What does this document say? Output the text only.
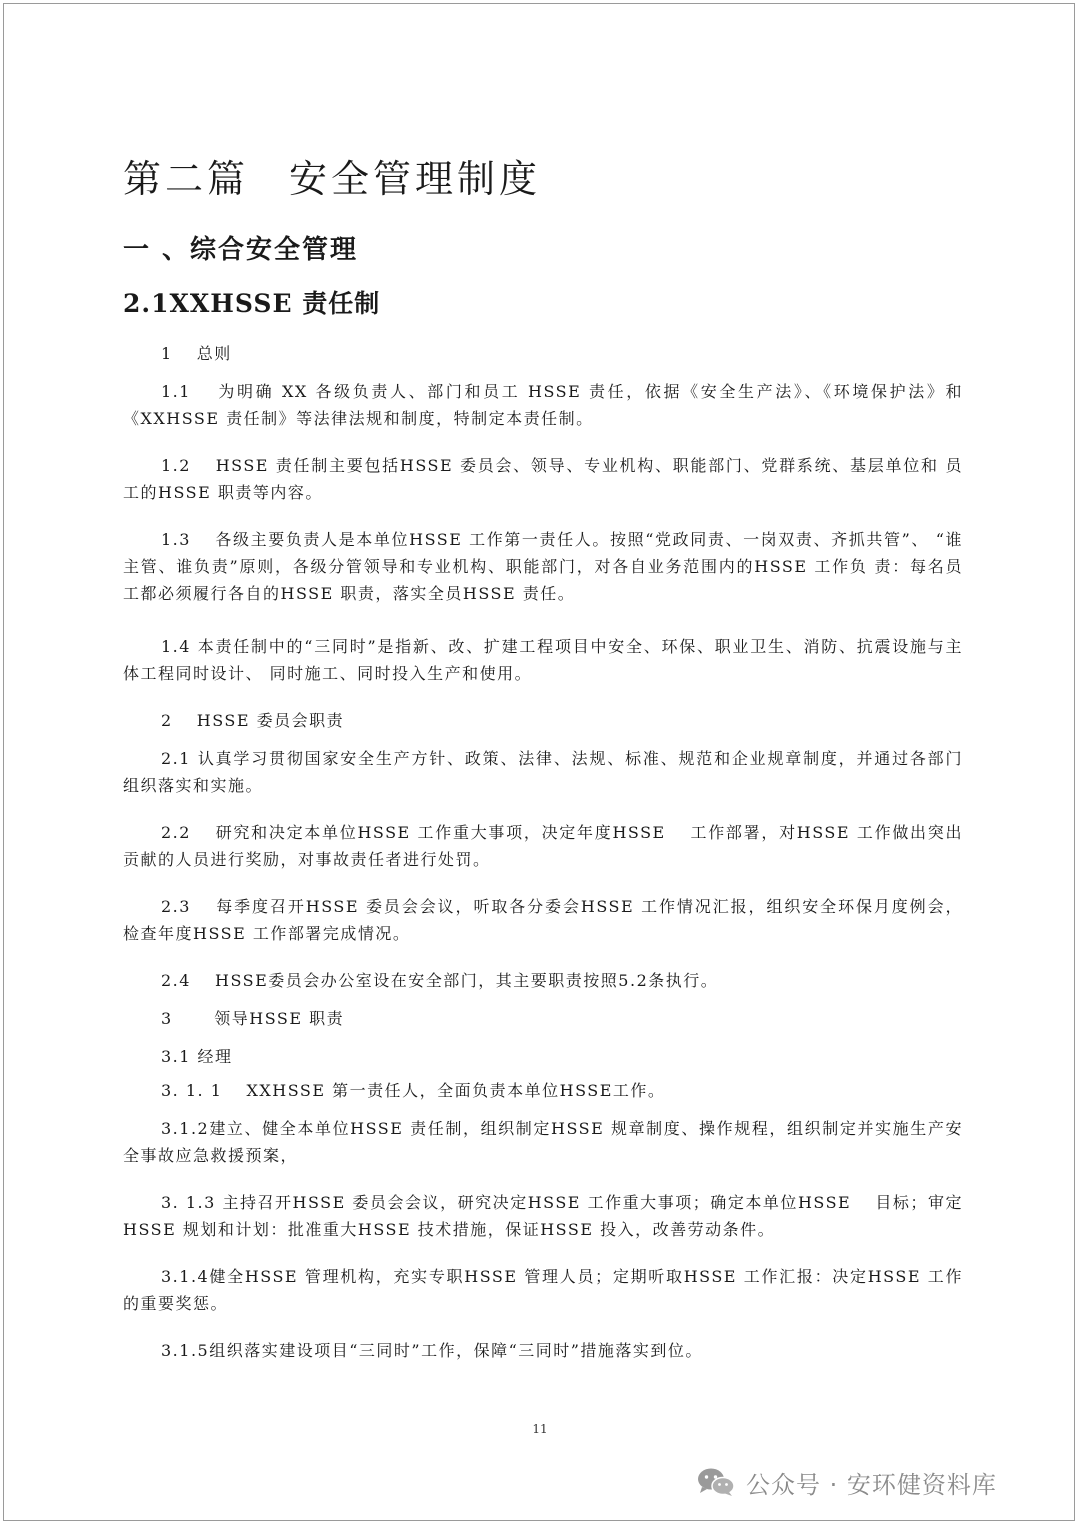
第二篇 安全管理制度
一 、综合安全管理
2.1XXHSSE 责任制
1　 总则

1.1　 为明确 XX 各级负责人、部门和员工 HSSE 责任，依据《安全生产法》、《环境保护法》和 《XXHSSE 责任制》等法律法规和制度，特制定本责任制。

1.2　 HSSE 责任制主要包括HSSE 委员会、领导、专业机构、职能部门、党群系统、基层单位和 员工的HSSE 职责等内容。

1.3　 各级主要负责人是本单位HSSE 工作第一责任人。按照“党政同责、一岗双责、齐抓共管”、 “谁主管、谁负责”原则，各级分管领导和专业机构、职能部门，对各自业务范围内的HSSE 工作负 责：每名员工都必须履行各自的HSSE 职责，落实全员HSSE 责任。

1.4 本责任制中的“三同时”是指新、改、扩建工程项目中安全、环保、职业卫生、消防、抗震设施与主体工程同时设计、 同时施工、同时投入生产和使用。

2　 HSSE 委员会职责

2.1 认真学习贯彻国家安全生产方针、政策、法律、法规、标准、规范和企业规章制度，并通过各部门组织落实和实施。

2.2　 研究和决定本单位HSSE 工作重大事项，决定年度HSSE　 工作部署，对HSSE 工作做出突出 贡献的人员进行奖励，对事故责任者进行处罚。

2.3　 每季度召开HSSE 委员会会议，听取各分委会HSSE 工作情况汇报，组织安全环保月度例会， 检查年度HSSE 工作部署完成情况。

2.4　 HSSE委员会办公室设在安全部门，其主要职责按照5.2条执行。

3　　 领导HSSE 职责
3.1 经理

3. 1. 1　 XXHSSE 第一责任人，全面负责本单位HSSE工作。

3.1.2建立、健全本单位HSSE 责任制，组织制定HSSE 规章制度、操作规程，组织制定并实施生产安全事故应急救援预案，

3. 1.3 主持召开HSSE 委员会会议，研究决定HSSE 工作重大事项；确定本单位HSSE　 目标；审定 HSSE 规划和计划：批准重大HSSE 技术措施，保证HSSE 投入，改善劳动条件。

3.1.4健全HSSE 管理机构，充实专职HSSE 管理人员；定期听取HSSE 工作汇报：决定HSSE 工作的重要奖惩。

3.1.5组织落实建设项目“三同时”工作，保障“三同时”措施落实到位。

11
公众号 · 安环健资料库
